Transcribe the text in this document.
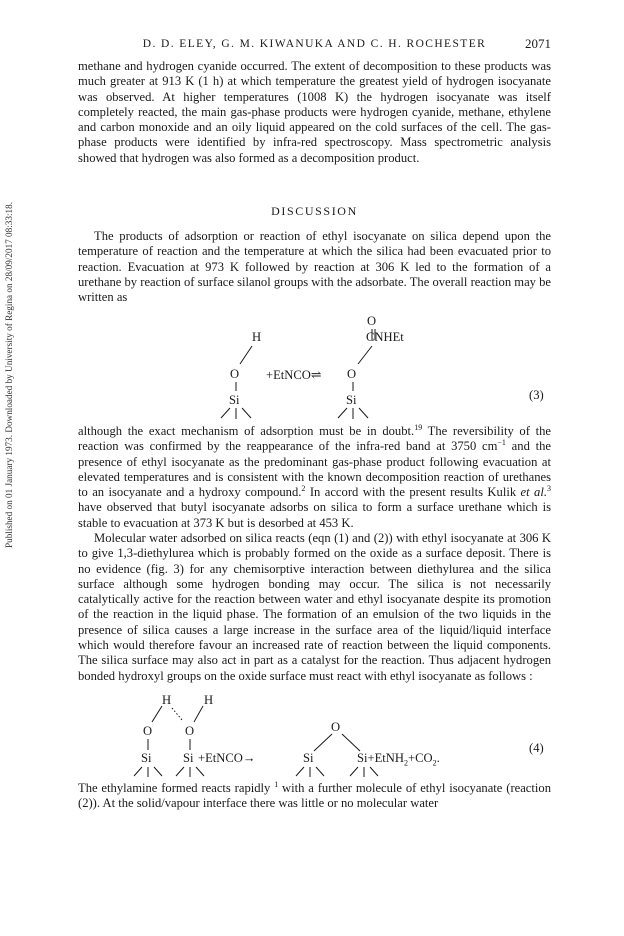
Published on 01 January 1973. Downloaded by University of Regina on 28/09/2017 08:33:18.
D. D. ELEY, G. M. KIWANUKA AND C. H. ROCHESTER	2071

methane and hydrogen cyanide occurred. The extent of decomposition to these products was much greater at 913 K (1 h) at which temperature the greatest yield of hydrogen isocyanate was observed. At higher temperatures (1008 K) the hydrogen isocyanate was itself completely reacted, the main gas-phase products were hydrogen cyanide, methane, ethylene and carbon monoxide and an oily liquid appeared on the cold surfaces of the cell. The gas-phase products were identified by infra-red spectroscopy. Mass spectrometric analysis showed that hydrogen was also formed as a decomposition product.

DISCUSSION

The products of adsorption or reaction of ethyl isocyanate on silica depend upon the temperature of reaction and the temperature at which the silica had been evacuated prior to reaction. Evacuation at 973 K followed by reaction at 306 K led to the formation of a urethane by reaction of surface silanol groups with the adsorbate. The overall reaction may be written as

H
O +EtNCO⇌
Si
O
CNHEt
O
Si	(3)

although the exact mechanism of adsorption must be in doubt.$^{19}$ The reversibility of the reaction was confirmed by the reappearance of the infra-red band at 3750 $cm^{-1}$ and the presence of ethyl isocyanate as the predominant gas-phase product following evacuation at elevated temperatures and is consistent with the known decomposition reaction of urethanes to an isocyanate and a hydroxy compound.$^2$ In accord with the present results Kulik et al.$^3$ have observed that butyl isocyanate adsorbs on silica to form a surface urethane which is stable to evacuation at 373 K but is desorbed at 453 K.

Molecular water adsorbed on silica reacts (eqn (1) and (2)) with ethyl isocyanate at 306 K to give 1,3-diethylurea which is probably formed on the oxide as a surface deposit. There is no evidence (fig. 3) for any chemisorptive interaction between diethylurea and the silica surface although some hydrogen bonding may occur. The silica is not necessarily catalytically active for the reaction between water and ethyl isocyanate despite its promotion of the reaction in the liquid phase. The formation of an emulsion of the two liquids in the presence of silica causes a large increase in the surface area of the liquid/liquid interface which would therefore favour an increased rate of reaction between the liquid components. The silica surface may also act in part as a catalyst for the reaction. Thus adjacent hydrogen bonded hydroxyl groups on the oxide surface must react with ethyl isocyanate as follows :

H	H
O	O
Si Si +EtNCO→
O
Si	$Si+EtNH_2+CO_2$.
(4)

The ethylamine formed reacts rapidly $^1$ with a further molecule of ethyl isocyanate (reaction (2)). At the solid/vapour interface there was little or no molecular water
